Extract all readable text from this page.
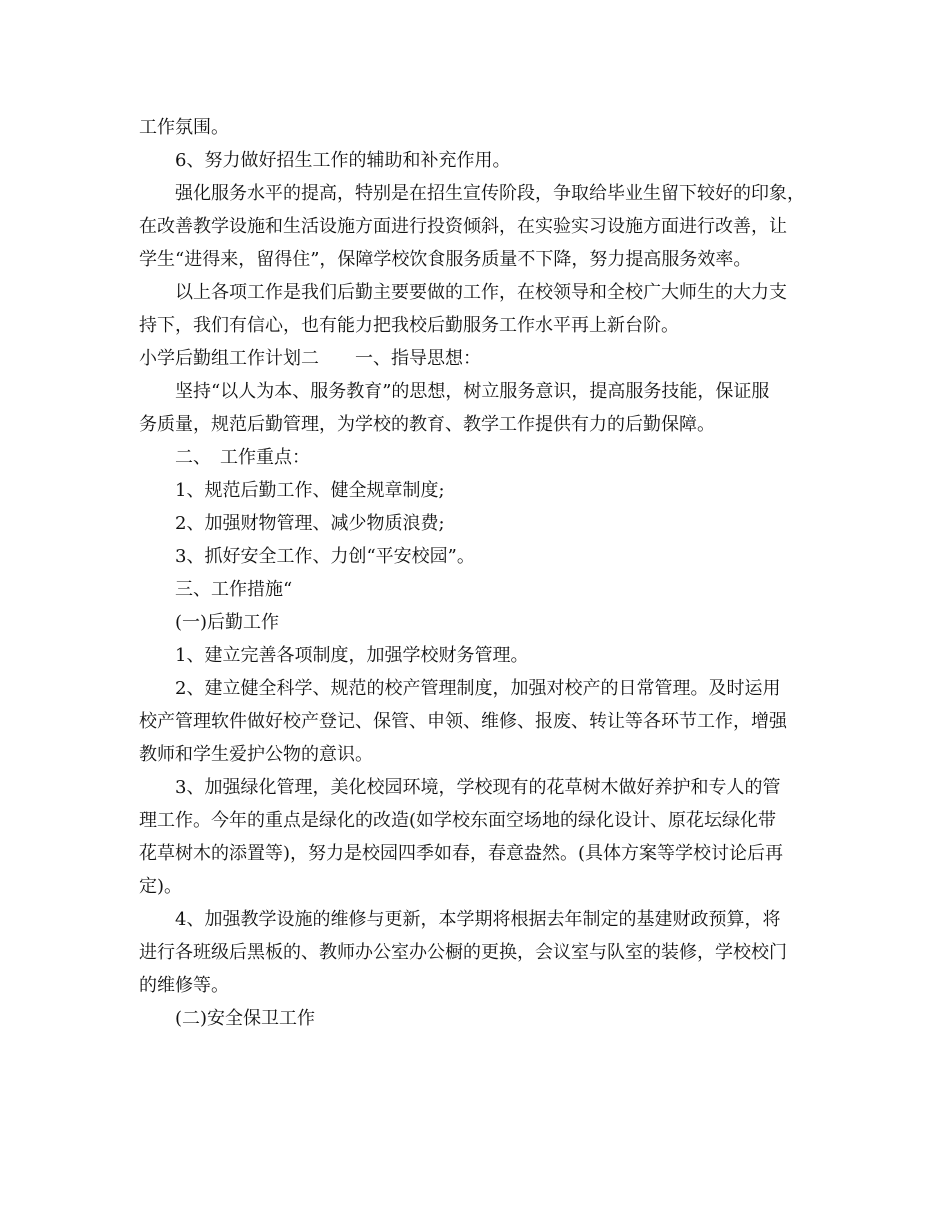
工作氛围。
6、努力做好招生工作的辅助和补充作用。
强化服务水平的提高，特别是在招生宣传阶段，争取给毕业生留下较好的印象，
在改善教学设施和生活设施方面进行投资倾斜，在实验实习设施方面进行改善，让
学生“进得来，留得住”，保障学校饮食服务质量不下降，努力提高服务效率。
以上各项工作是我们后勤主要要做的工作，在校领导和全校广大师生的大力支
持下，我们有信心，也有能力把我校后勤服务工作水平再上新台阶。
小学后勤组工作计划二　　一、指导思想：
坚持“以人为本、服务教育”的思想，树立服务意识，提高服务技能，保证服
务质量，规范后勤管理，为学校的教育、教学工作提供有力的后勤保障。
二、　工作重点：
1、规范后勤工作、健全规章制度;
2、加强财物管理、减少物质浪费;
3、抓好安全工作、力创“平安校园”。
三、工作措施“
(一)后勤工作
1、建立完善各项制度，加强学校财务管理。
2、建立健全科学、规范的校产管理制度，加强对校产的日常管理。及时运用
校产管理软件做好校产登记、保管、申领、维修、报废、转让等各环节工作，增强
教师和学生爱护公物的意识。
3、加强绿化管理，美化校园环境，学校现有的花草树木做好养护和专人的管
理工作。今年的重点是绿化的改造(如学校东面空场地的绿化设计、原花坛绿化带
花草树木的添置等)，努力是校园四季如春，春意盎然。(具体方案等学校讨论后再
定)。
4、加强教学设施的维修与更新，本学期将根据去年制定的基建财政预算，将
进行各班级后黑板的、教师办公室办公橱的更换，会议室与队室的装修，学校校门
的维修等。
(二)安全保卫工作
